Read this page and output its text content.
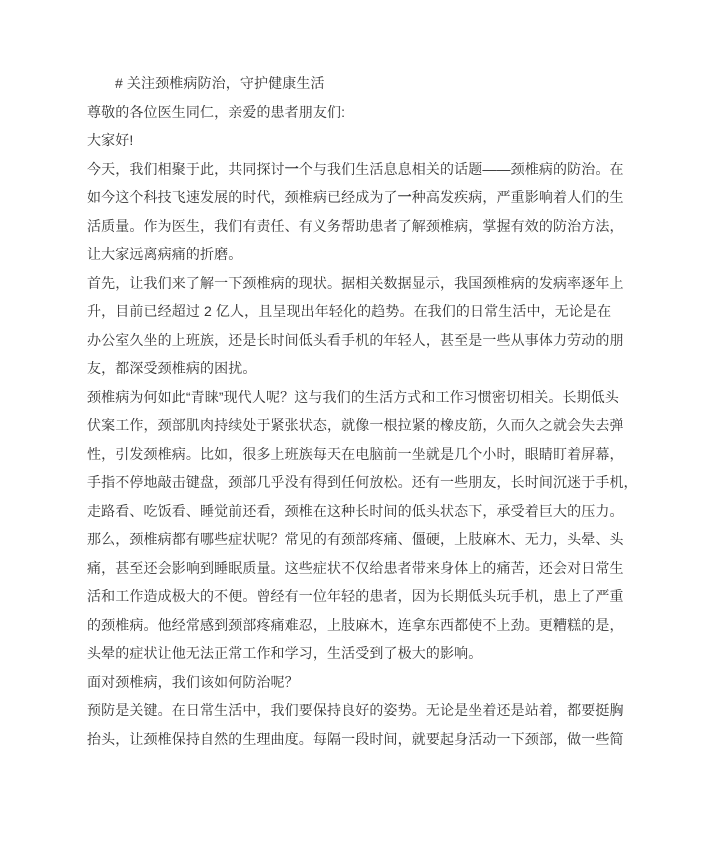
# 关注颈椎病防治，守护健康生活
尊敬的各位医生同仁，亲爱的患者朋友们:
大家好!
今天，我们相聚于此，共同探讨一个与我们生活息息相关的话题——颈椎病的防治。在
如今这个科技飞速发展的时代，颈椎病已经成为了一种高发疾病，严重影响着人们的生
活质量。作为医生，我们有责任、有义务帮助患者了解颈椎病，掌握有效的防治方法，
让大家远离病痛的折磨。
首先，让我们来了解一下颈椎病的现状。据相关数据显示，我国颈椎病的发病率逐年上
升，目前已经超过 2 亿人，且呈现出年轻化的趋势。在我们的日常生活中，无论是在
办公室久坐的上班族，还是长时间低头看手机的年轻人，甚至是一些从事体力劳动的朋
友，都深受颈椎病的困扰。
颈椎病为何如此“青睐”现代人呢？这与我们的生活方式和工作习惯密切相关。长期低头
伏案工作，颈部肌肉持续处于紧张状态，就像一根拉紧的橡皮筋，久而久之就会失去弹
性，引发颈椎病。比如，很多上班族每天在电脑前一坐就是几个小时，眼睛盯着屏幕，
手指不停地敲击键盘，颈部几乎没有得到任何放松。还有一些朋友，长时间沉迷于手机，
走路看、吃饭看、睡觉前还看，颈椎在这种长时间的低头状态下，承受着巨大的压力。
那么，颈椎病都有哪些症状呢？常见的有颈部疼痛、僵硬，上肢麻木、无力，头晕、头
痛，甚至还会影响到睡眠质量。这些症状不仅给患者带来身体上的痛苦，还会对日常生
活和工作造成极大的不便。曾经有一位年轻的患者，因为长期低头玩手机，患上了严重
的颈椎病。他经常感到颈部疼痛难忍，上肢麻木，连拿东西都使不上劲。更糟糕的是，
头晕的症状让他无法正常工作和学习，生活受到了极大的影响。
面对颈椎病，我们该如何防治呢？
预防是关键。在日常生活中，我们要保持良好的姿势。无论是坐着还是站着，都要挺胸
抬头，让颈椎保持自然的生理曲度。每隔一段时间，就要起身活动一下颈部，做一些简
